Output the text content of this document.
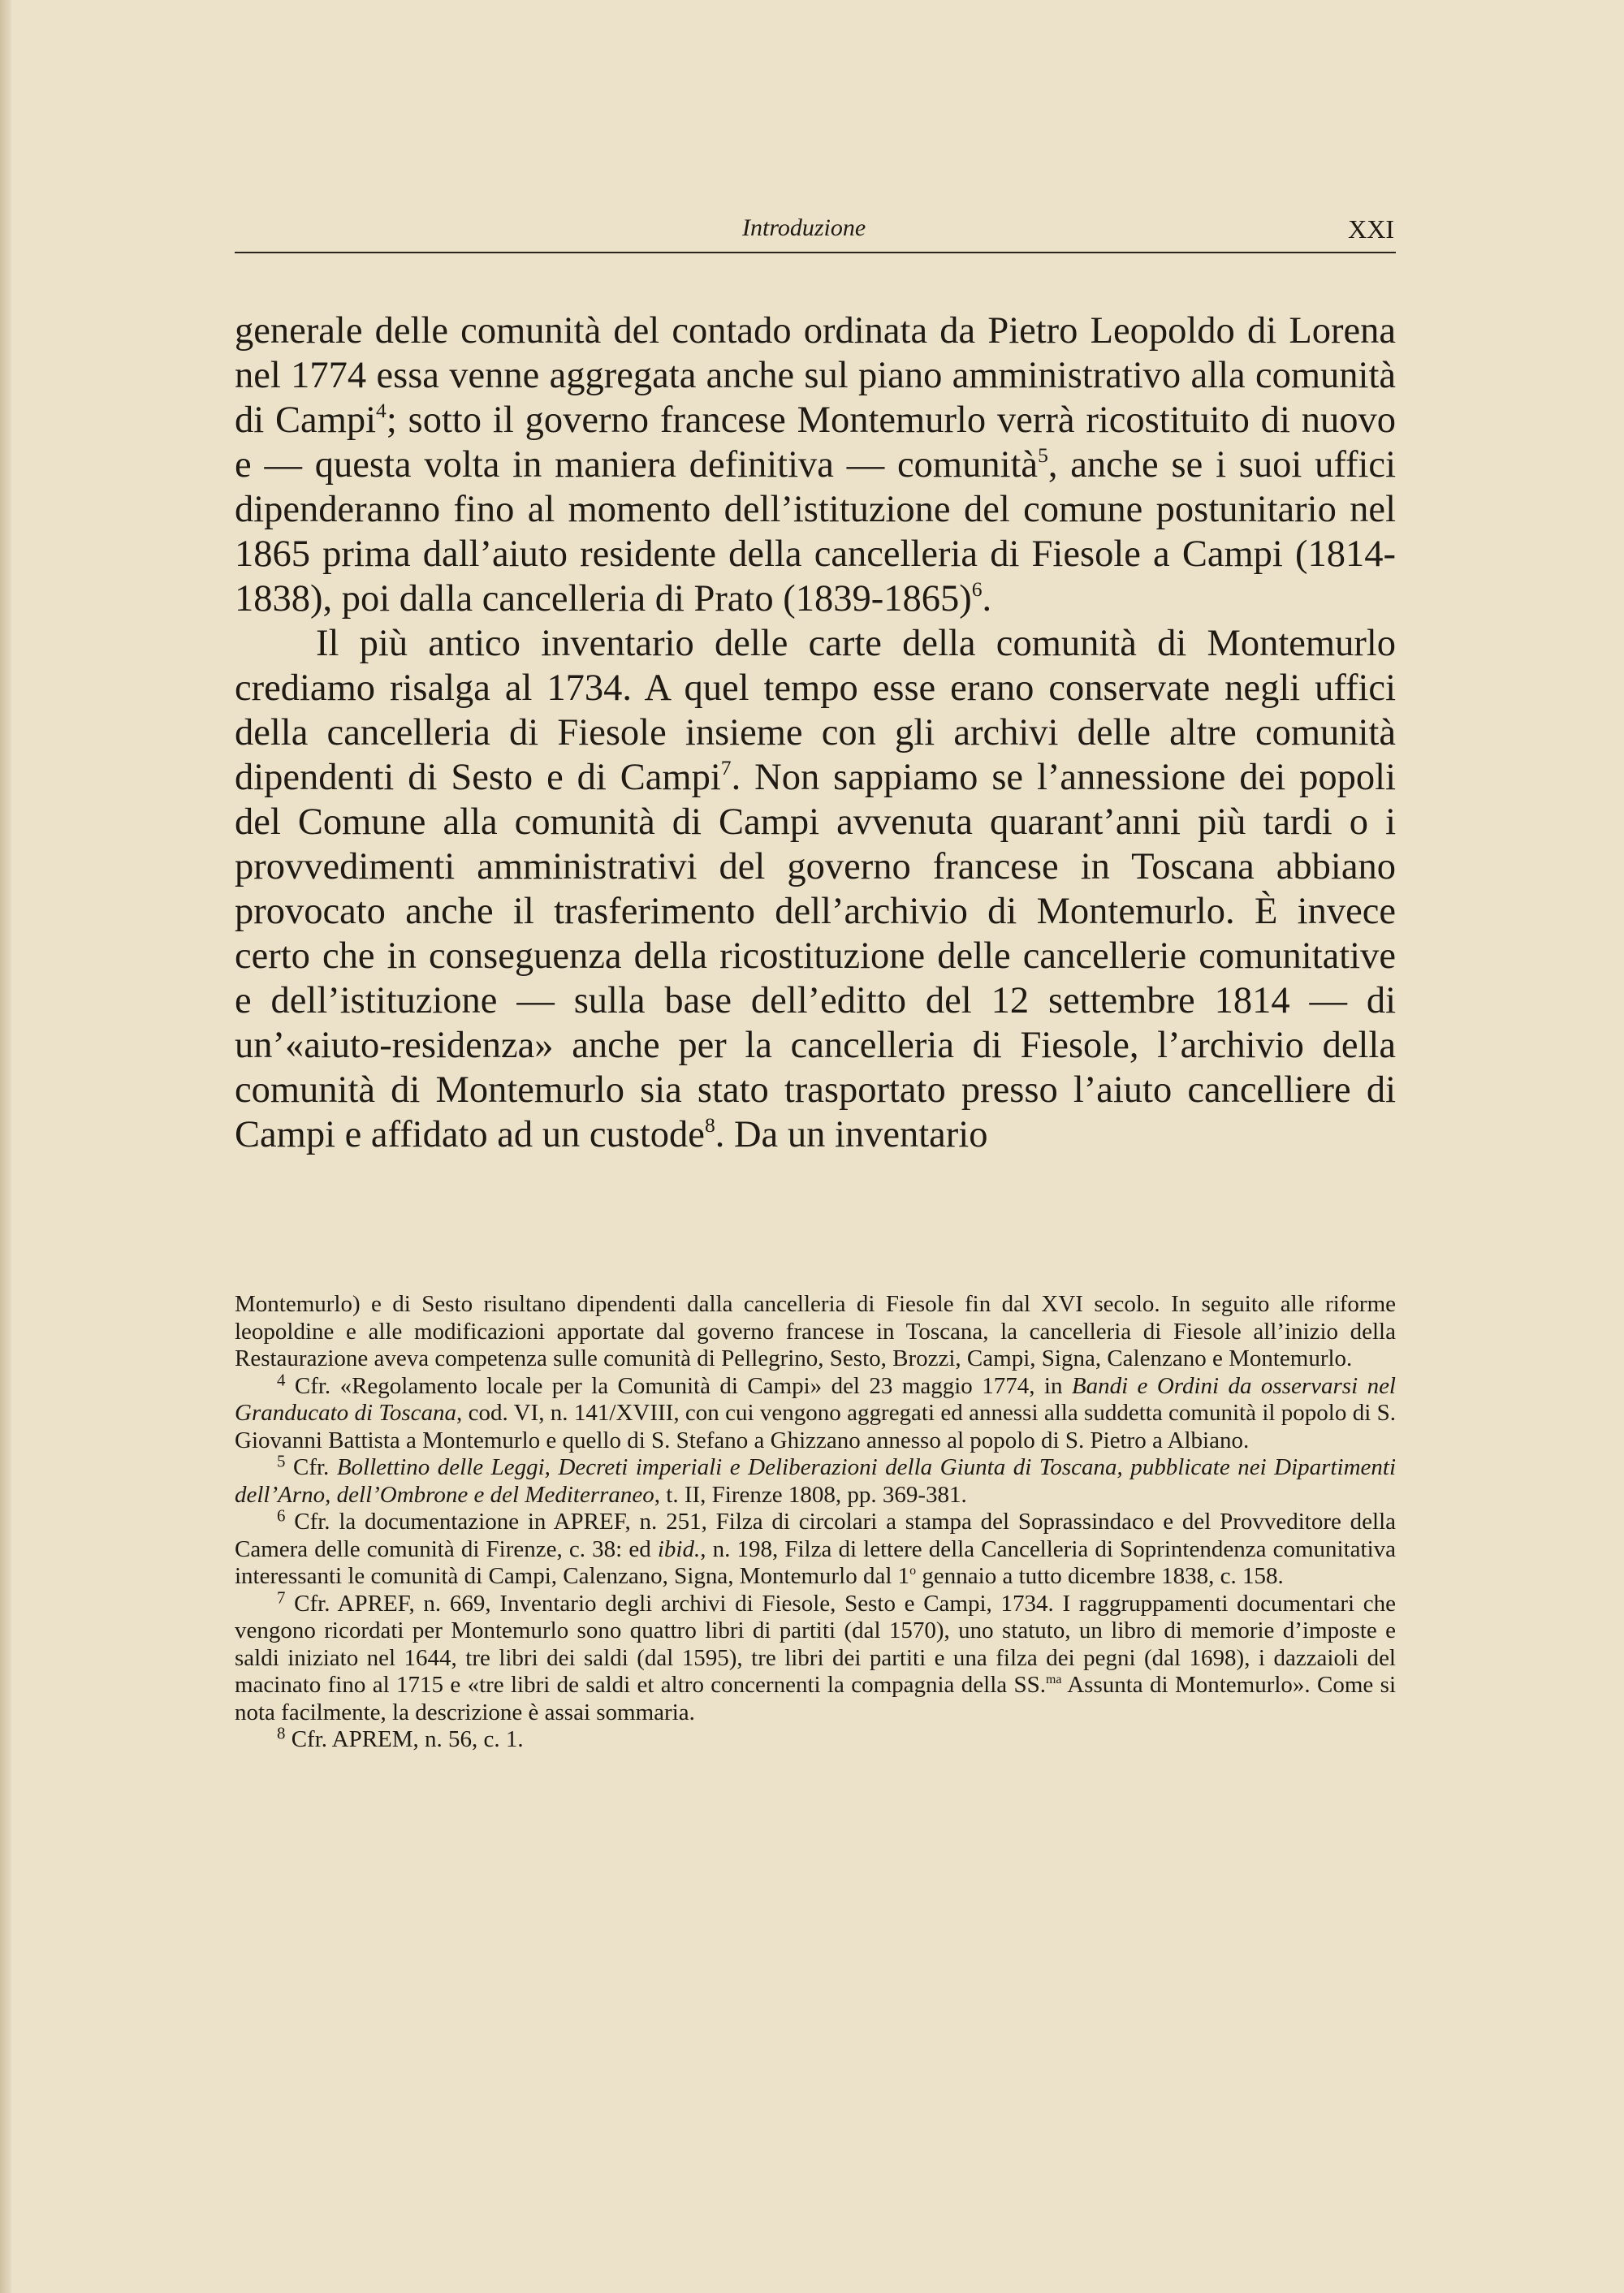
Introduzione	XXI

generale delle comunità del contado ordinata da Pietro Leopoldo di Lorena nel 1774 essa venne aggregata anche sul piano amministrativo alla comunità di Campi$^4$; sotto il governo francese Montemurlo verrà ricostituito di nuovo e — questa volta in maniera definitiva — comunità$^5$, anche se i suoi uffici dipenderanno fino al momento dell’istituzione del comune postunitario nel 1865 prima dall’aiuto residente della cancelleria di Fiesole a Campi (1814-1838), poi dalla cancelleria di Prato (1839-1865)$^6$.

Il più antico inventario delle carte della comunità di Montemurlo crediamo risalga al 1734. A quel tempo esse erano conservate negli uffici della cancelleria di Fiesole insieme con gli archivi delle altre comunità dipendenti di Sesto e di Campi$^7$. Non sappiamo se l’annessione dei popoli del Comune alla comunità di Campi avvenuta quarant’anni più tardi o i provvedimenti amministrativi del governo francese in Toscana abbiano provocato anche il trasferimento dell’archivio di Montemurlo. È invece certo che in conseguenza della ricostituzione delle cancellerie comunitative e dell’istituzione — sulla base dell’editto del 12 settembre 1814 — di un’«aiuto-residenza» anche per la cancelleria di Fiesole, l’archivio della comunità di Montemurlo sia stato trasportato presso l’aiuto cancelliere di Campi e affidato ad un custode$^8$. Da un inventario

Montemurlo) e di Sesto risultano dipendenti dalla cancelleria di Fiesole fin dal XVI secolo. In seguito alle riforme leopoldine e alle modificazioni apportate dal governo francese in Toscana, la cancelleria di Fiesole all’inizio della Restaurazione aveva competenza sulle comunità di Pellegrino, Sesto, Brozzi, Campi, Signa, Calenzano e Montemurlo.

$^4$ Cfr. «Regolamento locale per la Comunità di Campi» del 23 maggio 1774, in Bandi e Ordini da osservarsi nel Granducato di Toscana, cod. VI, n. 141/XVIII, con cui vengono aggregati ed annessi alla suddetta comunità il popolo di S. Giovanni Battista a Montemurlo e quello di S. Stefano a Ghizzano annesso al popolo di S. Pietro a Albiano.

$^5$ Cfr. Bollettino delle Leggi, Decreti imperiali e Deliberazioni della Giunta di Toscana, pubblicate nei Dipartimenti dell’Arno, dell’Ombrone e del Mediterraneo, t. II, Firenze 1808, pp. 369-381.

$^6$ Cfr. la documentazione in APREF, n. 251, Filza di circolari a stampa del Soprassindaco e del Provveditore della Camera delle comunità di Firenze, c. 38: ed ibid., n. 198, Filza di lettere della Cancelleria di Soprintendenza comunitativa interessanti le comunità di Campi, Calenzano, Signa, Montemurlo dal 1$^o$ gennaio a tutto dicembre 1838, c. 158.

$^7$ Cfr. APREF, n. 669, Inventario degli archivi di Fiesole, Sesto e Campi, 1734. I raggruppamenti documentari che vengono ricordati per Montemurlo sono quattro libri di partiti (dal 1570), uno statuto, un libro di memorie d’imposte e saldi iniziato nel 1644, tre libri dei saldi (dal 1595), tre libri dei partiti e una filza dei pegni (dal 1698), i dazzaioli del macinato fino al 1715 e «tre libri de saldi et altro concernenti la compagnia della SS.$^{ma}$ Assunta di Montemurlo». Come si nota facilmente, la descrizione è assai sommaria.

$^8$ Cfr. APREM, n. 56, c. 1.
